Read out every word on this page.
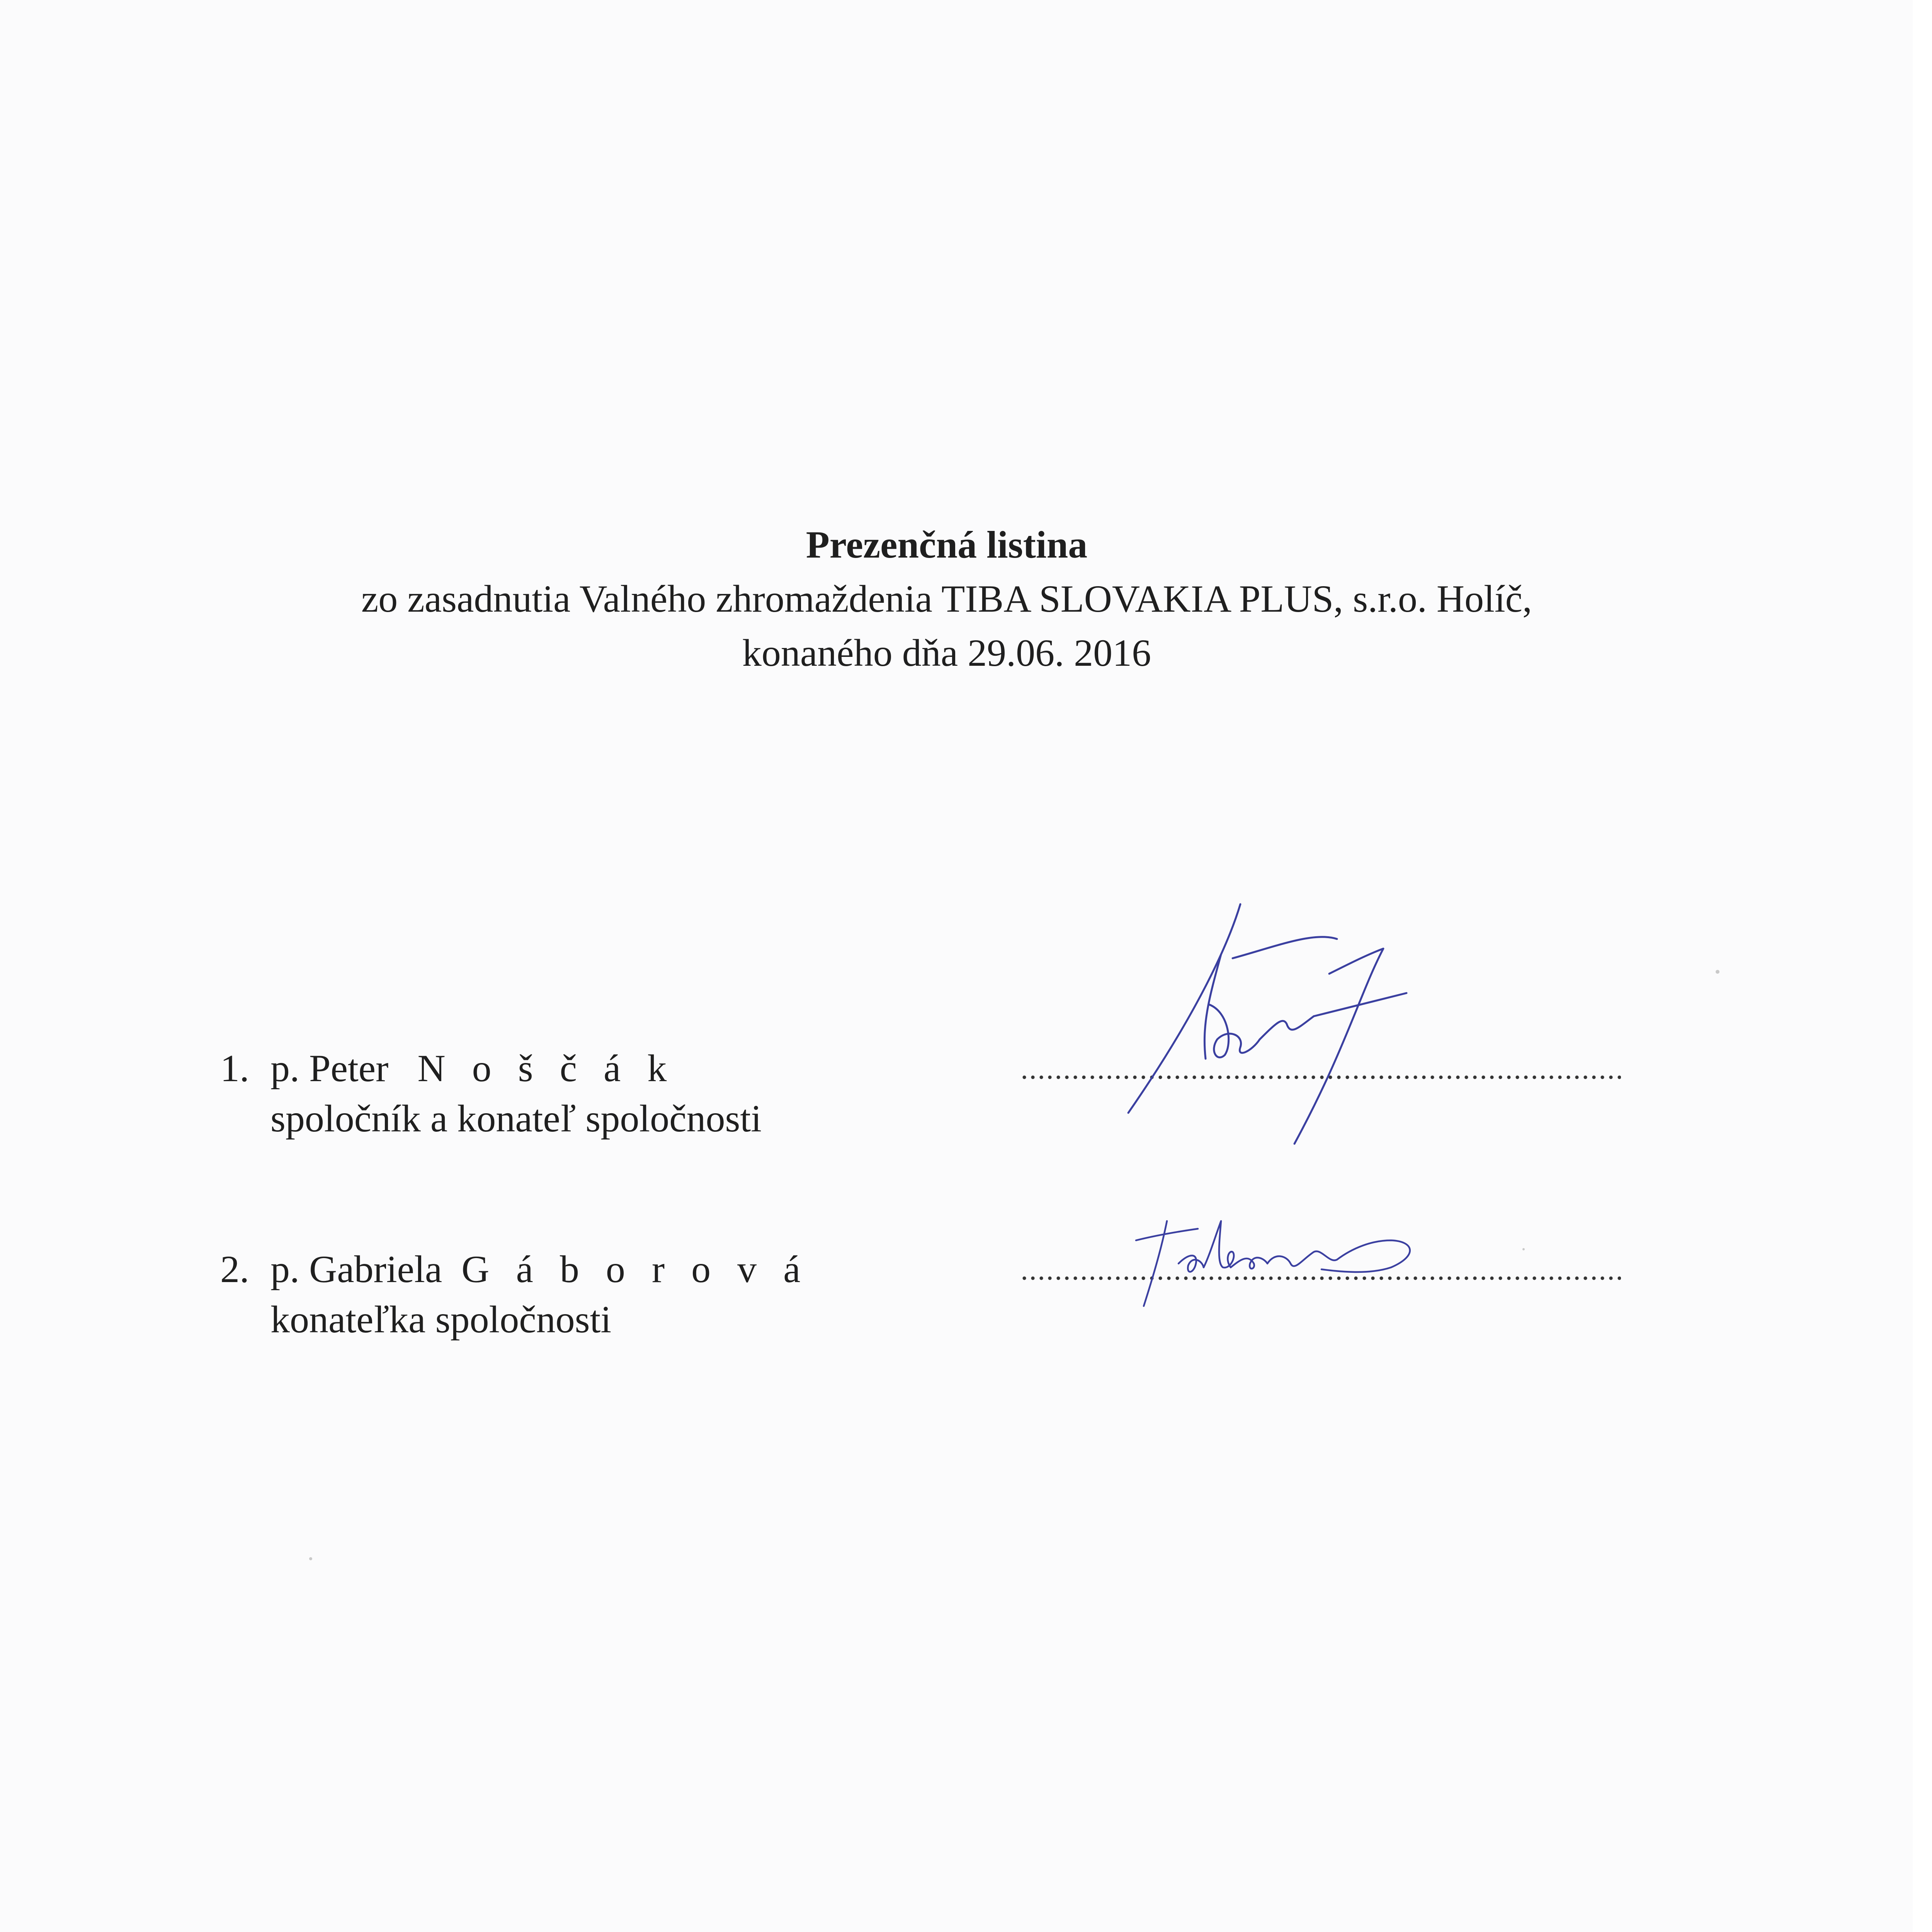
Prezenčná listina
zo zasadnutia Valného zhromaždenia TIBA SLOVAKIA PLUS, s.r.o. Holíč,
konaného dňa 29.06. 2016
1. p. Peter N o š č á k
spoločník a konateľ spoločnosti
2. p. Gabriela G á b o r o v á
konateľka spoločnosti
